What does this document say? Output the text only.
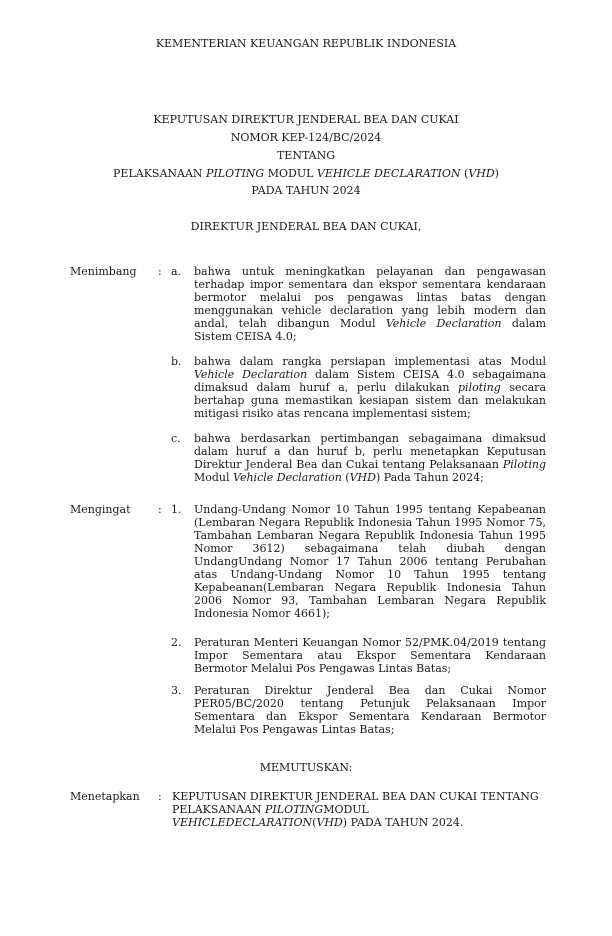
KEMENTERIAN KEUANGAN REPUBLIK INDONESIA
KEPUTUSAN DIREKTUR JENDERAL BEA DAN CUKAI
NOMOR KEP-124/BC/2024
TENTANG
PELAKSANAAN PILOTING MODUL VEHICLE DECLARATION (VHD)
PADA TAHUN 2024
DIREKTUR JENDERAL BEA DAN CUKAI,
Menimbang : a. bahwa untuk meningkatkan pelayanan dan pengawasan terhadap impor sementara dan ekspor sementara kendaraan bermotor melalui pos pengawas lintas batas dengan menggunakan vehicle declaration yang lebih modern dan andal, telah dibangun Modul Vehicle Declaration dalam Sistem CEISA 4.0;
b. bahwa dalam rangka persiapan implementasi atas Modul Vehicle Declaration dalam Sistem CEISA 4.0 sebagaimana dimaksud dalam huruf a, perlu dilakukan piloting secara bertahap guna memastikan kesiapan sistem dan melakukan mitigasi risiko atas rencana implementasi sistem;
c. bahwa berdasarkan pertimbangan sebagaimana dimaksud dalam huruf a dan huruf b, perlu menetapkan Keputusan Direktur Jenderal Bea dan Cukai tentang Pelaksanaan Piloting Modul Vehicle Declaration (VHD) Pada Tahun 2024;
Mengingat : 1. Undang-Undang Nomor 10 Tahun 1995 tentang Kepabeanan (Lembaran Negara Republik Indonesia Tahun 1995 Nomor 75, Tambahan Lembaran Negara Republik Indonesia Tahun 1995 Nomor 3612) sebagaimana telah diubah dengan UndangUndang Nomor 17 Tahun 2006 tentang Perubahan atas Undang-Undang Nomor 10 Tahun 1995 tentang Kepabeanan(Lembaran Negara Republik Indonesia Tahun 2006 Nomor 93, Tambahan Lembaran Negara Republik Indonesia Nomor 4661);
2. Peraturan Menteri Keuangan Nomor 52/PMK.04/2019 tentang Impor Sementara atau Ekspor Sementara Kendaraan Bermotor Melalui Pos Pengawas Lintas Batas;
3. Peraturan Direktur Jenderal Bea dan Cukai Nomor PER05/BC/2020 tentang Petunjuk Pelaksanaan Impor Sementara dan Ekspor Sementara Kendaraan Bermotor Melalui Pos Pengawas Lintas Batas;
MEMUTUSKAN:
Menetapkan : KEPUTUSAN DIREKTUR JENDERAL BEA DAN CUKAI TENTANG PELAKSANAAN PILOTINGMODUL VEHICLEDECLARATION(VHD) PADA TAHUN 2024.
